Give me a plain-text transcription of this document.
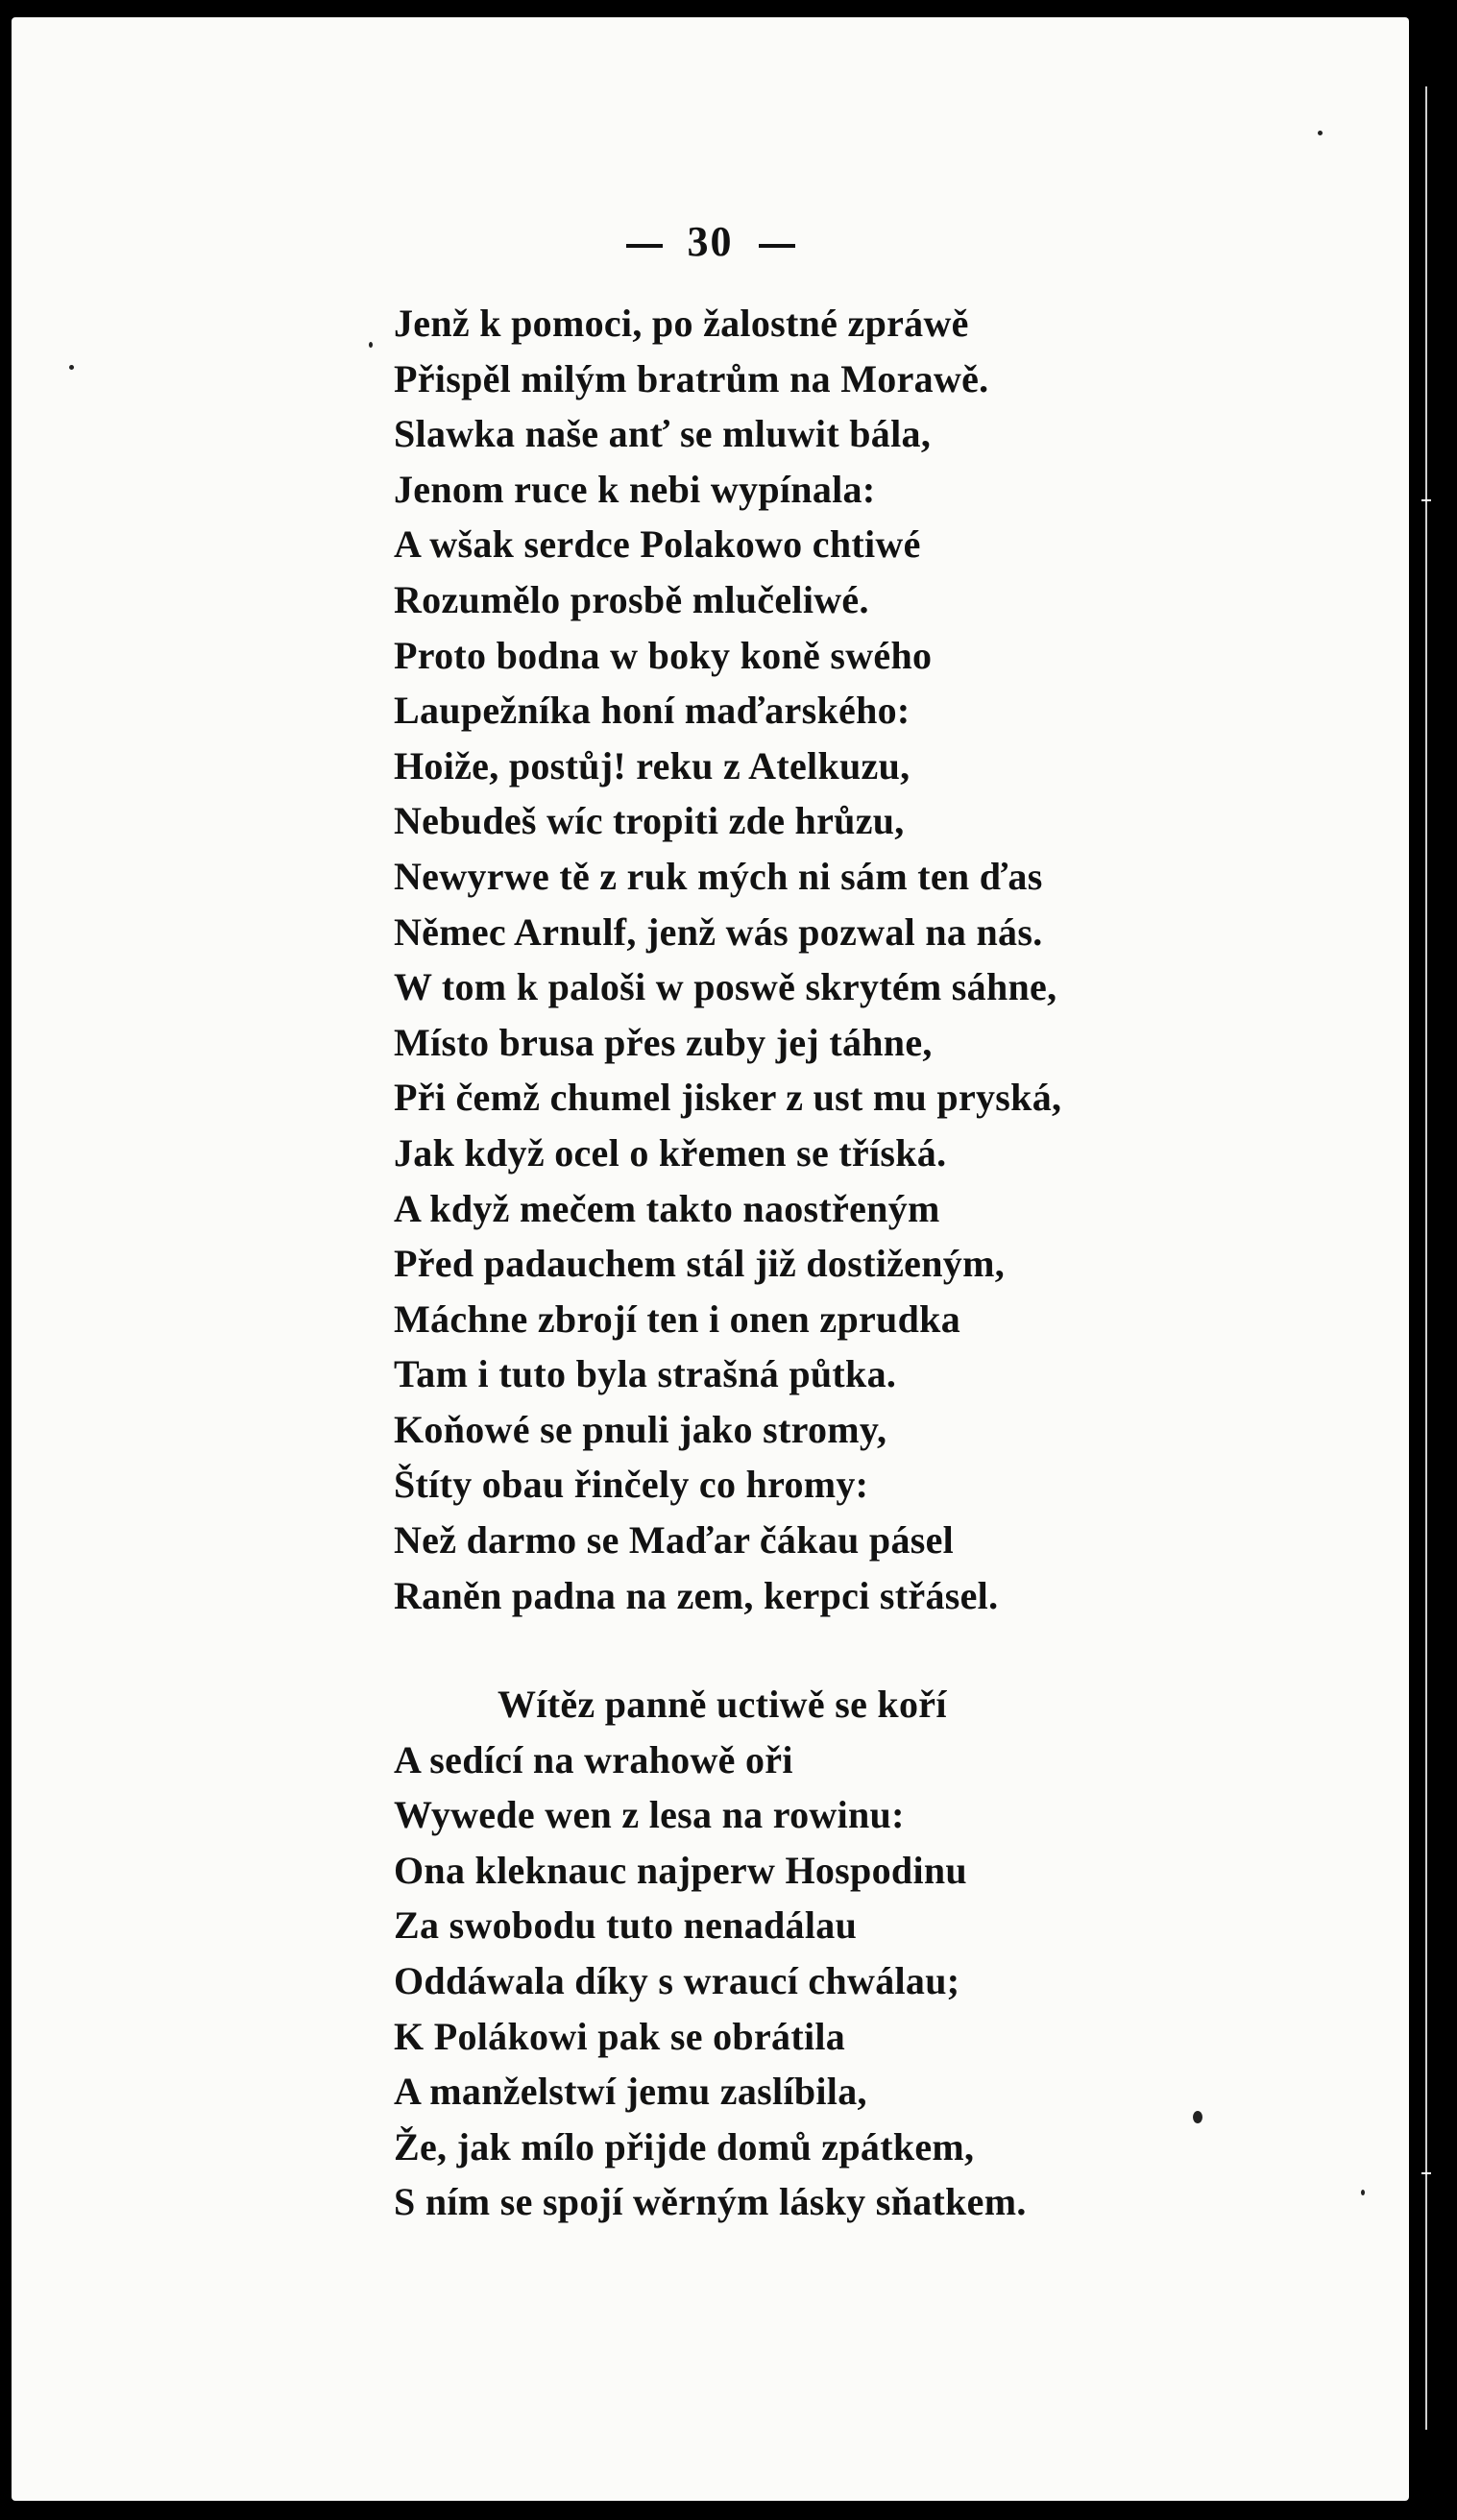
30
Jenž k pomoci, po žalostné zpráwě
Přispěl milým bratrům na Morawě.
Slawka naše anť se mluwit bála,
Jenom ruce k nebi wypínala:
A wšak serdce Polakowo chtiwé
Rozumělo prosbě mlučeliwé.
Proto bodna w boky koně swého
Laupežníka honí maďarského:
Hoiže, postůj! reku z Atelkuzu,
Nebudeš wíc tropiti zde hrůzu,
Newyrwe tě z ruk mých ni sám ten ďas
Němec Arnulf, jenž wás pozwal na nás.
W tom k paloši w poswě skrytém sáhne,
Místo brusa přes zuby jej táhne,
Při čemž chumel jisker z ust mu pryská,
Jak když ocel o křemen se tříská.
A když mečem takto naostřeným
Před padauchem stál již dostiženým,
Máchne zbrojí ten i onen zprudka
Tam i tuto byla strašná půtka.
Koňowé se pnuli jako stromy,
Štíty obau řinčely co hromy:
Než darmo se Maďar čákau pásel
Raněn padna na zem, kerpci střásel.
Wítěz panně uctiwě se koří
A sedící na wrahowě oři
Wywede wen z lesa na rowinu:
Ona kleknauc najperw Hospodinu
Za swobodu tuto nenadálau
Oddáwala díky s wraucí chwálau;
K Polákowi pak se obrátila
A manželstwí jemu zaslíbila,
Že, jak mílo přijde domů zpátkem,
S ním se spojí wěrným lásky sňatkem.
